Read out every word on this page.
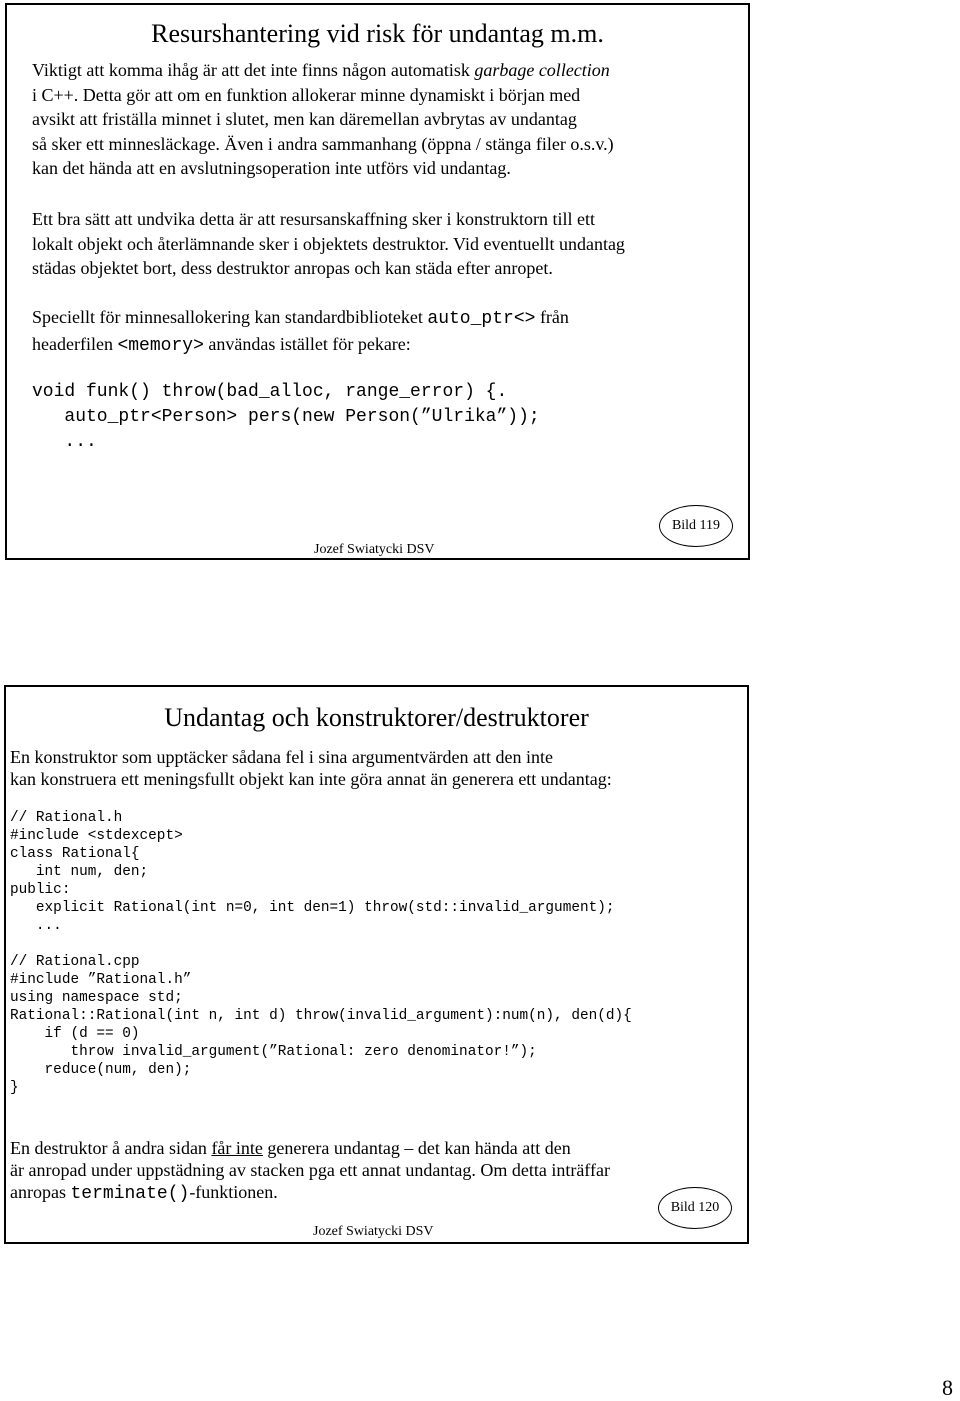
Resurshantering vid risk för undantag m.m.
Viktigt att komma ihåg är att det inte finns någon automatisk garbage collection
i C++. Detta gör att om en funktion allokerar minne dynamiskt i början med
avsikt att friställa minnet i slutet, men kan däremellan avbrytas av undantag
så sker ett minnesläckage. Även i andra sammanhang (öppna / stänga filer o.s.v.)
kan det hända att en avslutningsoperation inte utförs vid undantag.
Ett bra sätt att undvika detta är att resursanskaffning sker i konstruktorn till ett
lokalt objekt och återlämnande sker i objektets destruktor. Vid eventuellt undantag
städas objektet bort, dess destruktor anropas och kan städa efter anropet.
Speciellt för minnesallokering kan standardbiblioteket auto_ptr<> från
headerfilen <memory> användas istället för pekare:
void funk() throw(bad_alloc, range_error) {.
auto_ptr<Person> pers(new Person(”Ulrika”));
...
Jozef Swiatycki DSV
Bild 119
Undantag och konstruktorer/destruktorer
En konstruktor som upptäcker sådana fel i sina argumentvärden att den inte
kan konstruera ett meningsfullt objekt kan inte göra annat än generera ett undantag:
// Rational.h
#include <stdexcept>
class Rational{
int num, den;
public:
explicit Rational(int n=0, int den=1) throw(std::invalid_argument);
...

// Rational.cpp
#include ”Rational.h”
using namespace std;
Rational::Rational(int n, int d) throw(invalid_argument):num(n), den(d){
if (d == 0)
throw invalid_argument(”Rational: zero denominator!”);
reduce(num, den);
}
En destruktor å andra sidan får inte generera undantag – det kan hända att den
är anropad under uppstädning av stacken pga ett annat undantag. Om detta inträffar
anropas terminate()-funktionen.
Jozef Swiatycki DSV
Bild 120
8
